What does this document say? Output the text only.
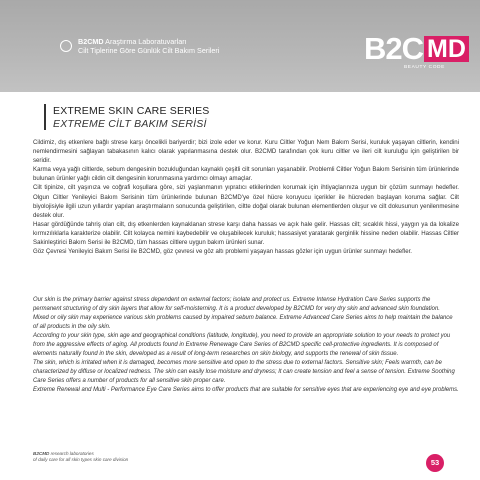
B2CMD Araştırma Laboratuvarları
Cilt Tiplerine Göre Günlük Cilt Bakım Serileri	B2C MD
BEAUTY CODE
EXTREME SKIN CARE SERIES
EXTREME CİLT BAKIM SERİSİ

Cildimiz, dış etkenlere bağlı strese karşı öncelikli bariyerdir; bizi izole eder ve korur. Kuru Ciltler Yoğun Nem Bakım Serisi, kuruluk yaşayan ciltlerin, kendini nemlendirmesini sağlayan tabakasının kalıcı olarak yapılanmasına destek olur. B2CMD tarafından çok kuru ciltler ve ileri cilt kuruluğu için geliştirilen bir seridir.

Karma veya yağlı ciltlerde, sebum dengesinin bozukluğundan kaynaklı çeşitli cilt sorunları yaşanabilir. Problemli Ciltler Yoğun Bakım Serisinin tüm ürünlerinde bulunan ürünler yağlı cildin cilt dengesinin korunmasına yardımcı olmayı amaçlar.

Cilt tipinize, cilt yaşınıza ve coğrafi koşullara göre, sizi yaşlanmanın yıpratıcı etkilerinden korumak için ihtiyaçlarınıza uygun bir çözüm sunmayı hedefler. Olgun Ciltler Yenileyici Bakım Serisinin tüm ürünlerinde bulunan B2CMD'ye özel hücre koruyucu içerikler ile hücreden başlayan koruma sağlar. Cilt biyolojisiyle ilgili uzun yıllardır yapılan araştırmaların sonucunda geliştirilen, ciltte doğal olarak bulunan elementlerden oluşur ve cilt dokusunun yenilenmesine destek olur.

Hasar gördüğünde tahriş olan cilt, dış etkenlerden kaynaklanan strese karşı daha hassas ve açık hale gelir. Hassas cilt; sıcaklık hissi, yaygın ya da lokalize kırmızılıklarla karakterize olabilir. Cilt kolayca nemini kaybedebilir ve oluşabilecek kuruluk; hassasiyet yaratarak gerginlik hissine neden olabilir. Hassas Ciltler Sakinleştirici Bakım Serisi ile B2CMD, tüm hassas ciltlere uygun bakım ürünleri sunar.

Göz Çevresi Yenileyici Bakım Serisi ile B2CMD, göz çevresi ve göz altı problemi yaşayan hassas gözler için uygun ürünler sunmayı hedefler.

Our skin is the primary barrier against stress dependent on external factors; isolate and protect us. Extreme Intense Hydration Care Series supports the permanent structuring of dry skin layers that allow for self-moisterning. It is a product developed by B2CMD for very dry skin and advanced skin foundation.

Mixed or oily skin may experience various skin problems caused by impaired sebum balance. Extreme Advanced Care Series aims to help maintain the balance of all products in the oily skin.

According to your skin type, skin age and geographical conditions (latitude, longitude), you need to provide an appropriate solution to your needs to protect you from the aggressive effects of aging. All products found in Extreme Renewage Care Series of B2CMD specific cell-protective ingredients. It is composed of elements naturally found in the skin, developed as a result of long-term researches on skin biology, and supports the renewal of skin tissue.

The skin, which is irritated when it is damaged, becomes more sensitive and open to the stress due to external factors. Sensitive skin; Feels warmth, can be characterized by diffuse or localized redness. The skin can easily lose moisture and dryness; It can create tension and feel a sense of tension. Extreme Soothing Care Series offers a number of products for all sensitive skin proper care.

Extreme Renewal and Multi - Performance Eye Care Series aims to offer products that are suitable for sensitive eyes that are experiencing eye and eye problems.

B2CMD research laboratories
of daily care for all skin types skin care division	53
